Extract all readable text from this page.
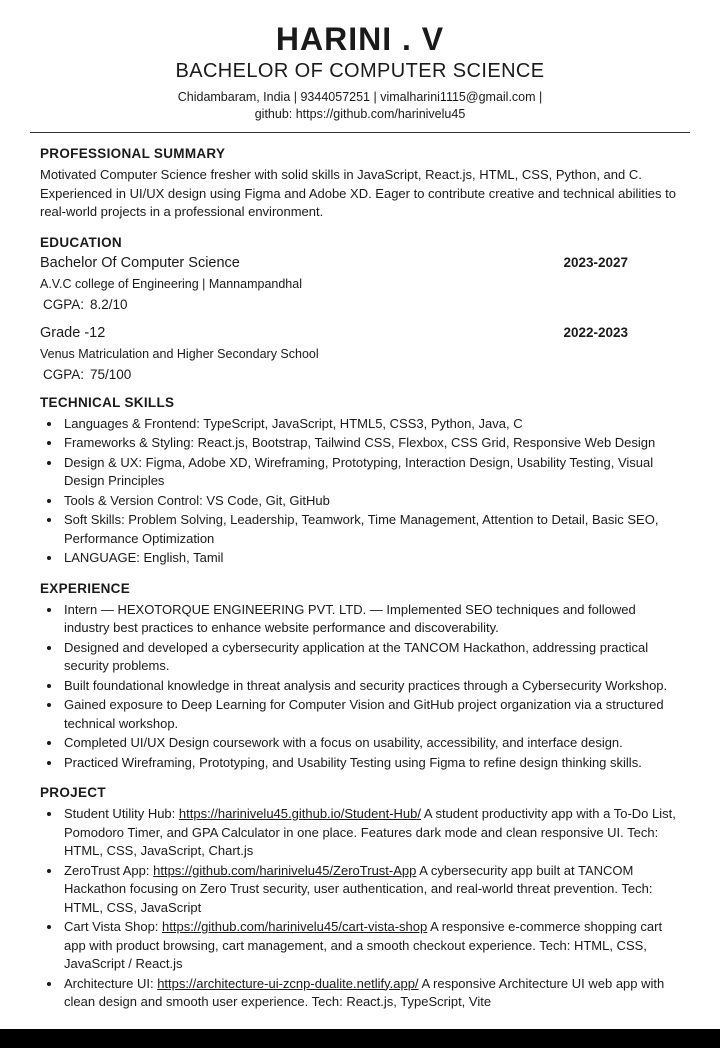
HARINI . V
BACHELOR OF COMPUTER SCIENCE
Chidambaram, India | 9344057251 | vimalharini1115@gmail.com |
github: https://github.com/harinivelu45
PROFESSIONAL SUMMARY

Motivated Computer Science fresher with solid skills in JavaScript, React.js, HTML, CSS, Python, and C. Experienced in UI/UX design using Figma and Adobe XD. Eager to contribute creative and technical abilities to real-world projects in a professional environment.

EDUCATION
Bachelor Of Computer Science	2023-2027
A.V.C college of Engineering | Mannampandhal
CGPA: 8.2/10
Grade -12	2022-2023
Venus Matriculation and Higher Secondary School
CGPA: 75/100
TECHNICAL SKILLS
• Languages & Frontend: TypeScript, JavaScript, HTML5, CSS3, Python, Java, C
• Frameworks & Styling: React.js, Bootstrap, Tailwind CSS, Flexbox, CSS Grid, Responsive Web Design
• Design & UX: Figma, Adobe XD, Wireframing, Prototyping, Interaction Design, Usability Testing, Visual Design Principles
• Tools & Version Control: VS Code, Git, GitHub
• Soft Skills: Problem Solving, Leadership, Teamwork, Time Management, Attention to Detail, Basic SEO, Performance Optimization
• LANGUAGE: English, Tamil
EXPERIENCE
• Intern — HEXOTORQUE ENGINEERING PVT. LTD. — Implemented SEO techniques and followed industry best practices to enhance website performance and discoverability.
• Designed and developed a cybersecurity application at the TANCOM Hackathon, addressing practical security problems.
• Built foundational knowledge in threat analysis and security practices through a Cybersecurity Workshop.
• Gained exposure to Deep Learning for Computer Vision and GitHub project organization via a structured technical workshop.
• Completed UI/UX Design coursework with a focus on usability, accessibility, and interface design.
• Practiced Wireframing, Prototyping, and Usability Testing using Figma to refine design thinking skills.
PROJECT
• Student Utility Hub: https://harinivelu45.github.io/Student-Hub/ A student productivity app with a To-Do List, Pomodoro Timer, and GPA Calculator in one place. Features dark mode and clean responsive UI. Tech: HTML, CSS, JavaScript, Chart.js
• ZeroTrust App: https://github.com/harinivelu45/ZeroTrust-App A cybersecurity app built at TANCOM Hackathon focusing on Zero Trust security, user authentication, and real-world threat prevention. Tech: HTML, CSS, JavaScript
• Cart Vista Shop: https://github.com/harinivelu45/cart-vista-shop A responsive e-commerce shopping cart app with product browsing, cart management, and a smooth checkout experience. Tech: HTML, CSS, JavaScript / React.js
• Architecture UI: https://architecture-ui-zcnp-dualite.netlify.app/ A responsive Architecture UI web app with clean design and smooth user experience. Tech: React.js, TypeScript, Vite
